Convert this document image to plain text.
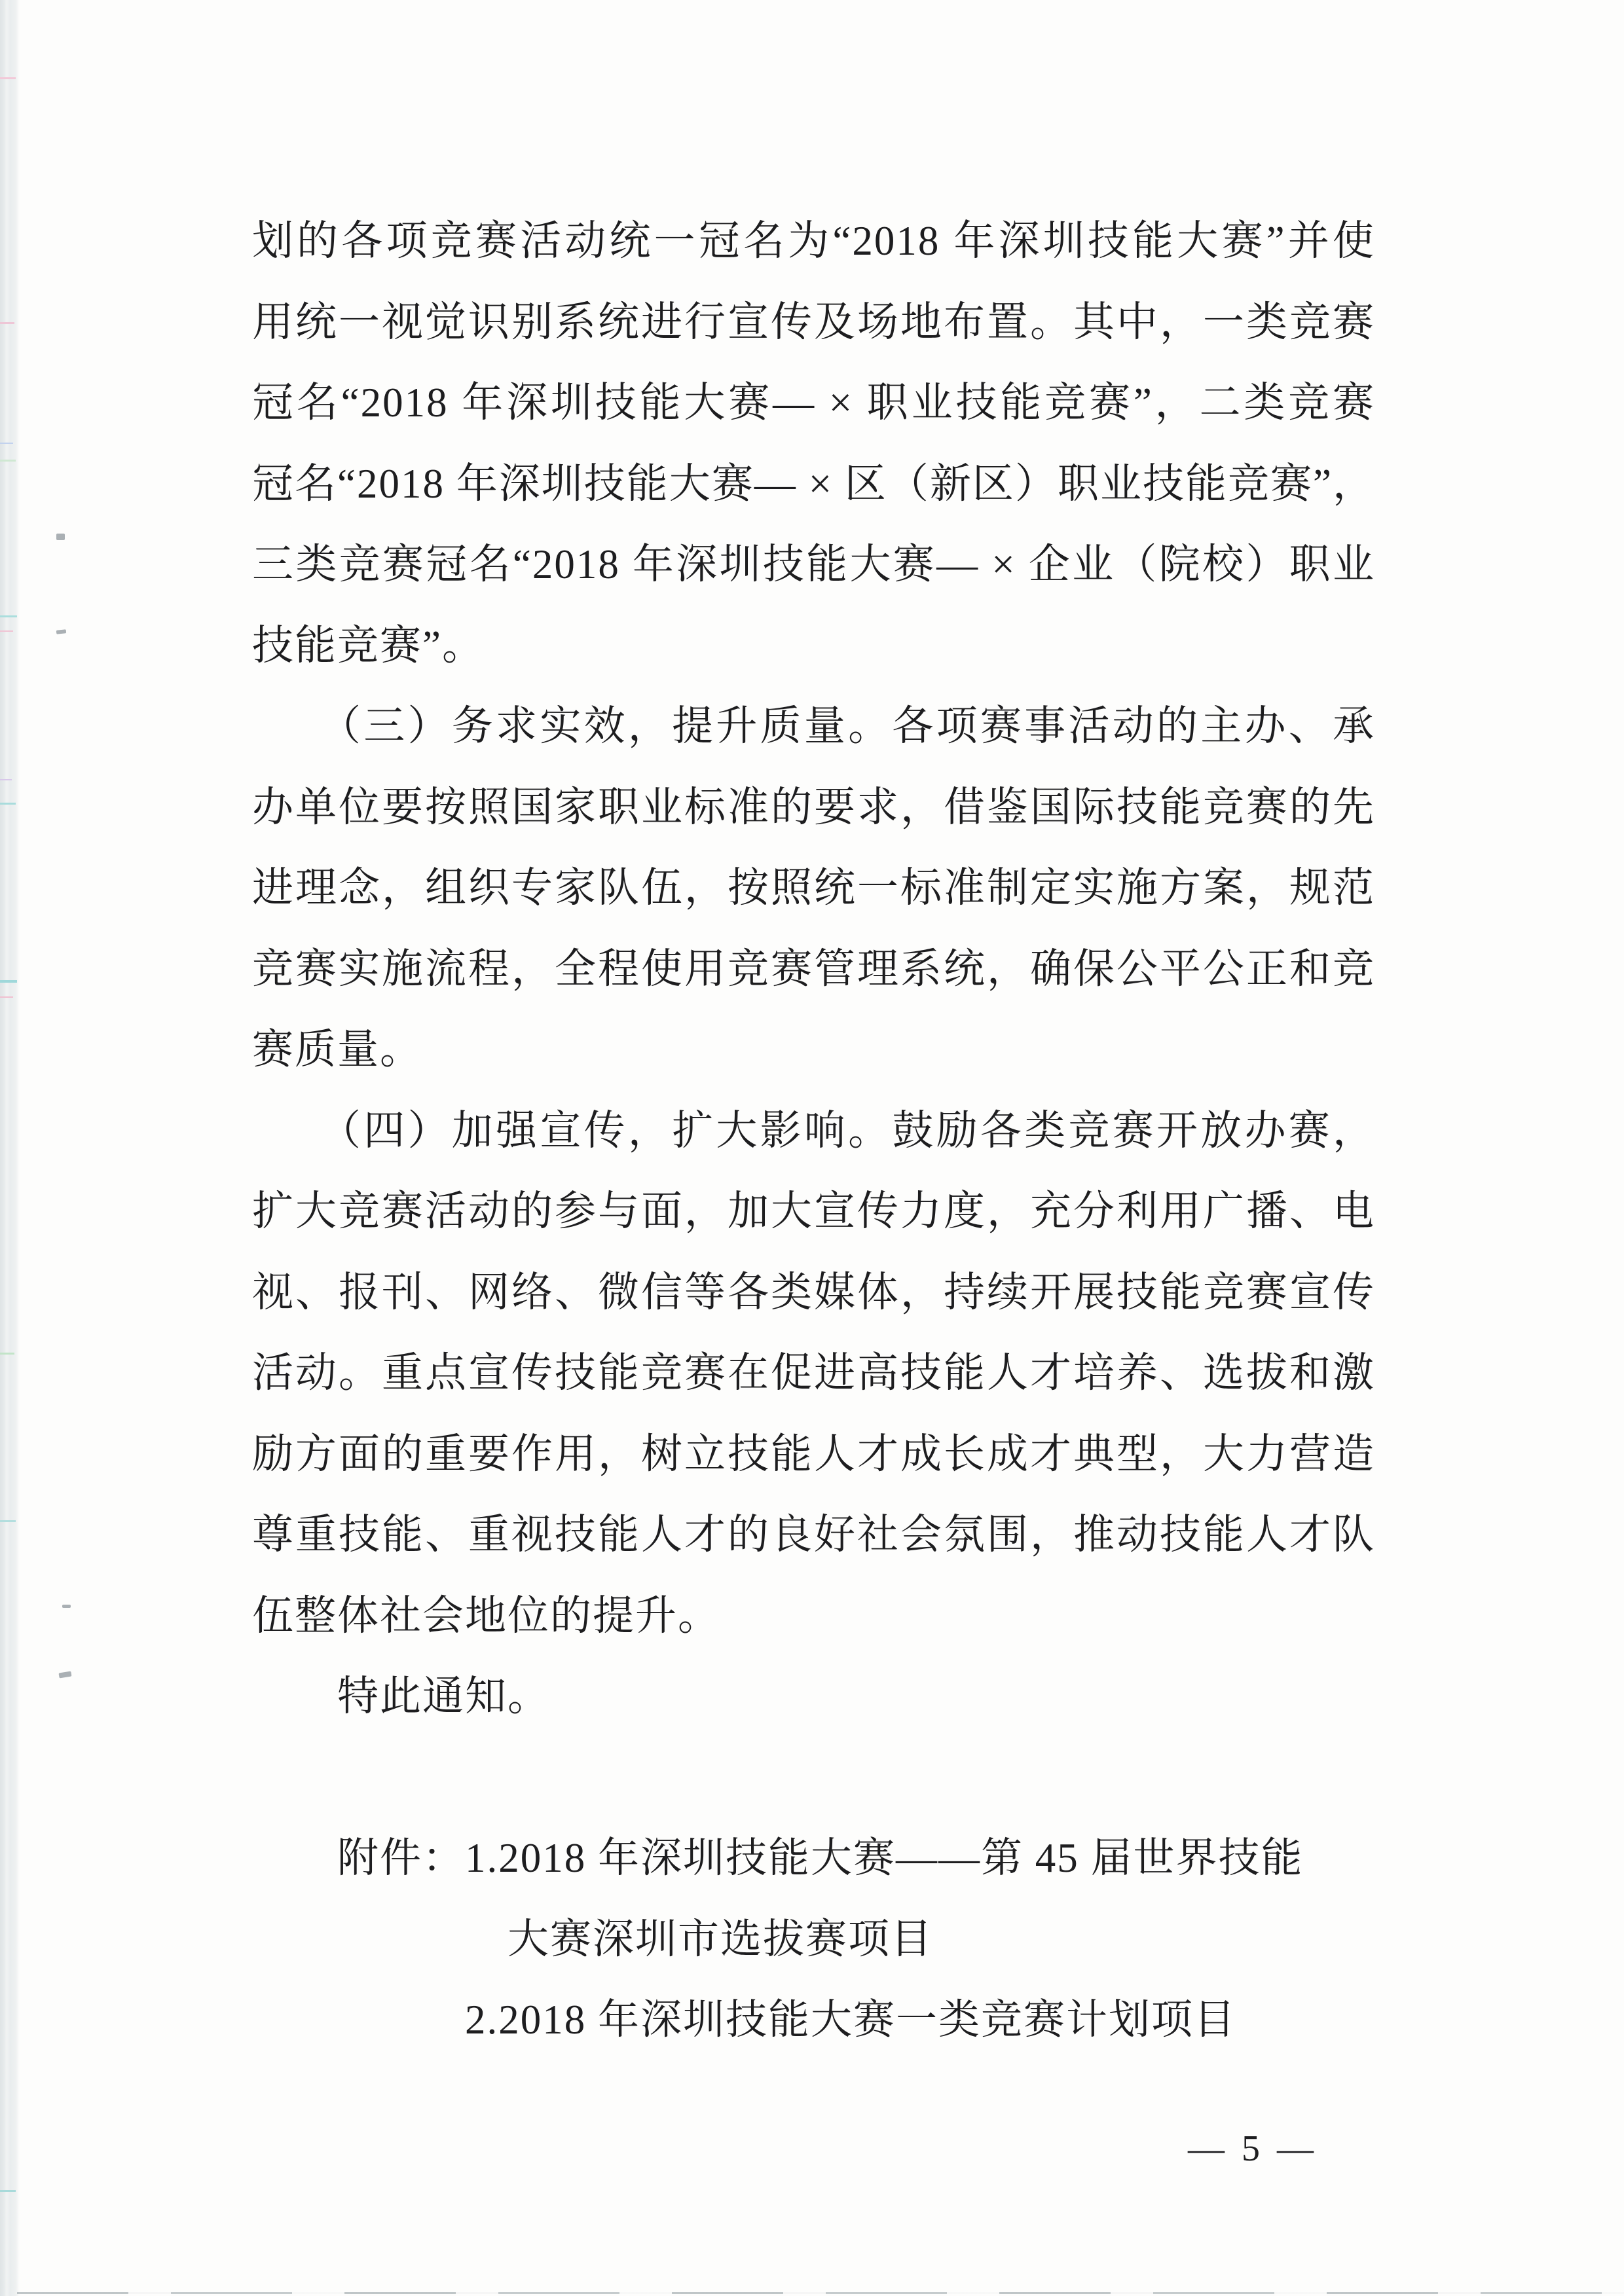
划的各项竞赛活动统一冠名为“2018 年深圳技能大赛”并使
用统一视觉识别系统进行宣传及场地布置。其中，一类竞赛
冠名“2018 年深圳技能大赛— × 职业技能竞赛”，二类竞赛
冠名“2018 年深圳技能大赛— × 区（新区）职业技能竞赛”，
三类竞赛冠名“2018 年深圳技能大赛— × 企业（院校）职业
技能竞赛”。
　　（三）务求实效，提升质量。各项赛事活动的主办、承
办单位要按照国家职业标准的要求，借鉴国际技能竞赛的先
进理念，组织专家队伍，按照统一标准制定实施方案，规范
竞赛实施流程，全程使用竞赛管理系统，确保公平公正和竞
赛质量。
　　（四）加强宣传，扩大影响。鼓励各类竞赛开放办赛，
扩大竞赛活动的参与面，加大宣传力度，充分利用广播、电
视、报刊、网络、微信等各类媒体，持续开展技能竞赛宣传
活动。重点宣传技能竞赛在促进高技能人才培养、选拔和激
励方面的重要作用，树立技能人才成长成才典型，大力营造
尊重技能、重视技能人才的良好社会氛围，推动技能人才队
伍整体社会地位的提升。
　　特此通知。
　　附件：1.2018 年深圳技能大赛——第 45 届世界技能
　　　　　　大赛深圳市选拔赛项目
　　　　　2.2018 年深圳技能大赛一类竞赛计划项目
— 5 —
